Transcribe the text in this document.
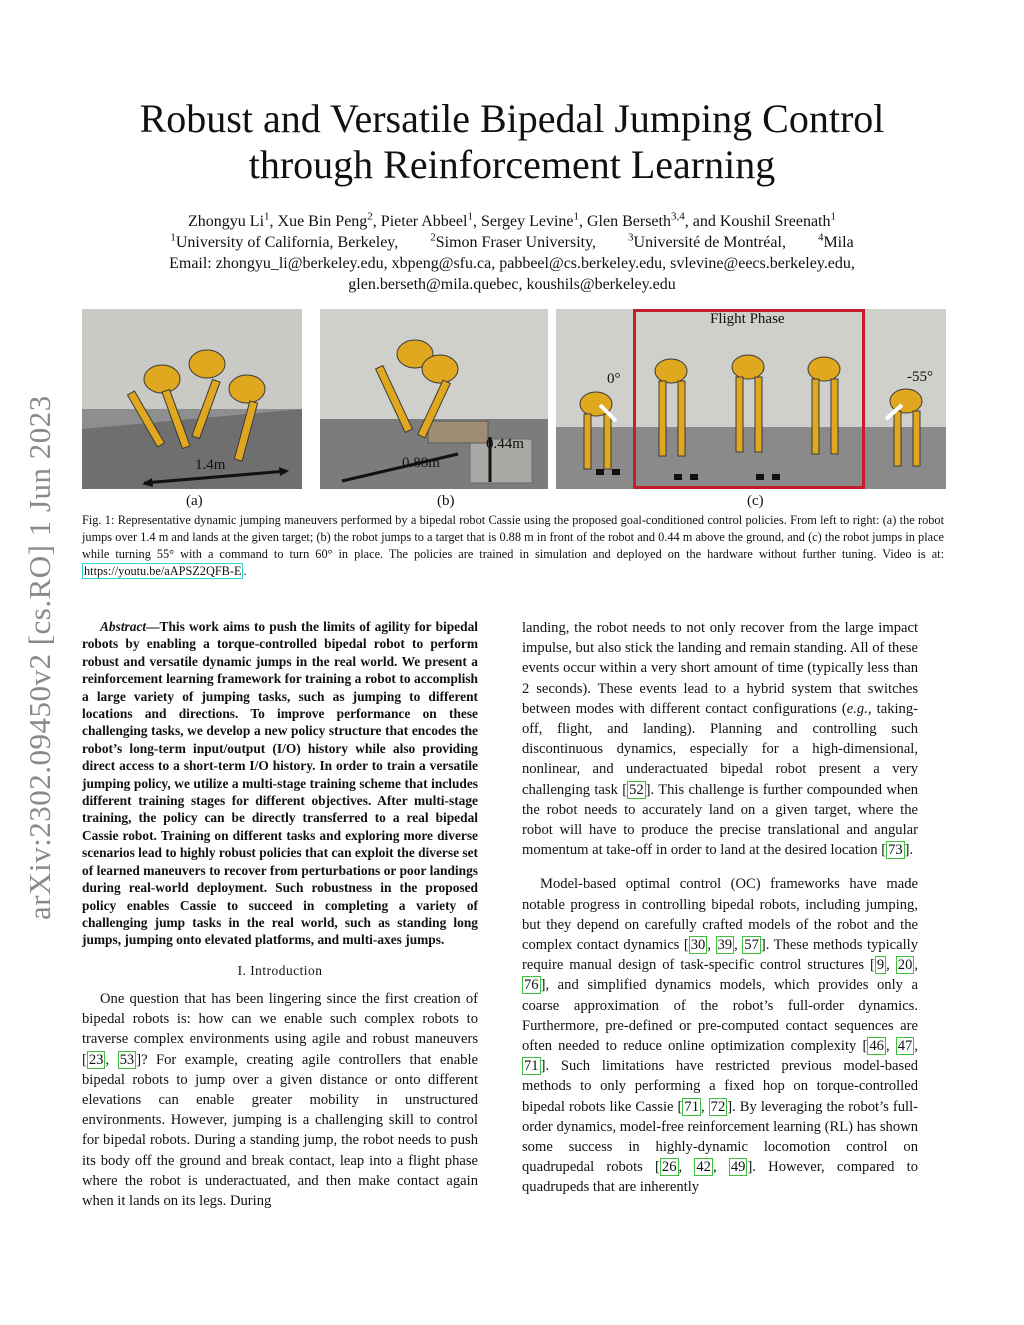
arXiv:2302.09450v2 [cs.RO] 1 Jun 2023
Robust and Versatile Bipedal Jumping Control
through Reinforcement Learning
Zhongyu Li$^1$, Xue Bin Peng$^2$, Pieter Abbeel$^1$, Sergey Levine$^1$, Glen Berseth$^{3,4}$, and Koushil Sreenath$^1$
$^1$University of California, Berkeley,	$^2$Simon Fraser University,	$^3$Université de Montréal,	$^4$Mila
Email: zhongyu_li@berkeley.edu, xbpeng@sfu.ca, pabbeel@cs.berkeley.edu, svlevine@eecs.berkeley.edu,
glen.berseth@mila.quebec, koushils@berkeley.edu
1.4m	0.88m
0.44m
Flight Phase
0°	-55°
(a)	(b)	(c)
Fig. 1: Representative dynamic jumping maneuvers performed by a bipedal robot Cassie using the proposed goal-conditioned control policies. From left to right: (a) the robot jumps over 1.4 m and lands at the given target; (b) the robot jumps to a target that is 0.88 m in front of the robot and 0.44 m above the ground, and (c) the robot jumps in place while turning 55° with a command to turn 60° in place. The policies are trained in simulation and deployed on the hardware without further tuning. Video is at: https://youtu.be/aAPSZ2QFB-E .

Abstract—This work aims to push the limits of agility for bipedal robots by enabling a torque-controlled bipedal robot to perform robust and versatile dynamic jumps in the real world. We present a reinforcement learning framework for training a robot to accomplish a large variety of jumping tasks, such as jumping to different locations and directions. To improve performance on these challenging tasks, we develop a new policy structure that encodes the robot’s long-term input/output (I/O) history while also providing direct access to a short-term I/O history. In order to train a versatile jumping policy, we utilize a multi-stage training scheme that includes different training stages for different objectives. After multi-stage training, the policy can be directly transferred to a real bipedal Cassie robot. Training on different tasks and exploring more diverse scenarios lead to highly robust policies that can exploit the diverse set of learned maneuvers to recover from perturbations or poor landings during real-world deployment. Such robustness in the proposed policy enables Cassie to succeed in completing a variety of challenging jump tasks in the real world, such as standing long jumps, jumping onto elevated platforms, and multi-axes jumps.

I. Introduction

One question that has been lingering since the first creation of bipedal robots is: how can we enable such complex robots to traverse complex environments using agile and robust maneuvers [ 23 , 53 ]? For example, creating agile controllers that enable bipedal robots to jump over a given distance or onto different elevations can enable greater mobility in unstructured environments. However, jumping is a challenging skill to control for bipedal robots. During a standing jump, the robot needs to push its body off the ground and break contact, leap into a flight phase where the robot is underactuated, and then make contact again when it lands on its legs. During

landing, the robot needs to not only recover from the large impact impulse, but also stick the landing and remain standing. All of these events occur within a very short amount of time (typically less than 2 seconds). These events lead to a hybrid system that switches between modes with different contact configurations (e.g., taking-off, flight, and landing). Planning and controlling such discontinuous dynamics, especially for a high-dimensional, nonlinear, and underactuated bipedal robot present a very challenging task [ 52 ]. This challenge is further compounded when the robot needs to accurately land on a given target, where the robot will have to produce the precise translational and angular momentum at take-off in order to land at the desired location [ 73 ].

Model-based optimal control (OC) frameworks have made notable progress in controlling bipedal robots, including jumping, but they depend on carefully crafted models of the robot and the complex contact dynamics [ 30 , 39 , 57 ]. These methods typically require manual design of task-specific control structures [ 9 , 20 , 76 ], and simplified dynamics models, which provides only a coarse approximation of the robot’s full-order dynamics. Furthermore, pre-defined or pre-computed contact sequences are often needed to reduce online optimization complexity [ 46 , 47 , 71 ]. Such limitations have restricted previous model-based methods to only performing a fixed hop on torque-controlled bipedal robots like Cassie [ 71 , 72 ]. By leveraging the robot’s full-order dynamics, model-free reinforcement learning (RL) has shown some success in highly-dynamic locomotion control on quadrupedal robots [ 26 , 42 , 49 ]. However, compared to quadrupeds that are inherently
